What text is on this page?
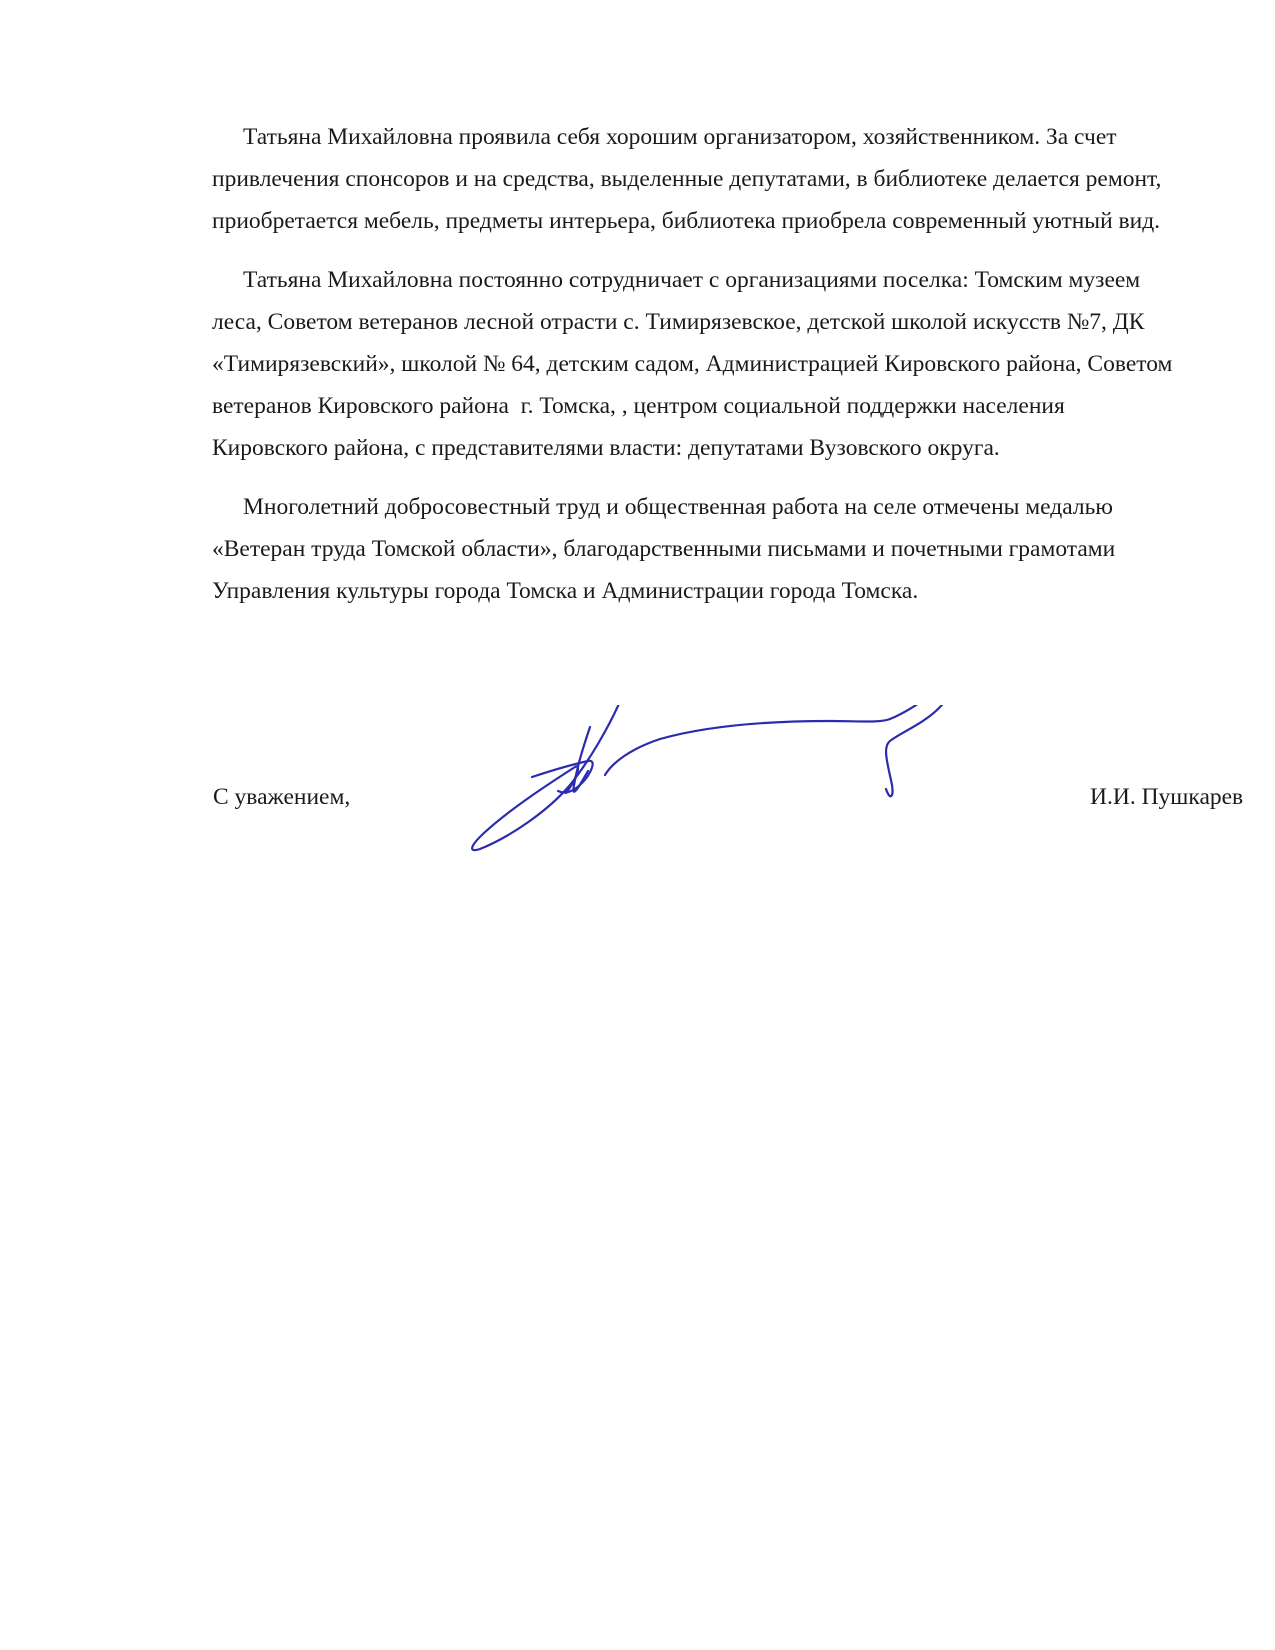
Татьяна Михайловна проявила себя хорошим организатором, хозяйственником. За счет
привлечения спонсоров и на средства, выделенные депутатами, в библиотеке делается ремонт,
приобретается мебель, предметы интерьера, библиотека приобрела современный уютный вид.

Татьяна Михайловна постоянно сотрудничает с организациями поселка: Томским музеем
леса, Советом ветеранов лесной отрасти с. Тимирязевское, детской школой искусств №7, ДК
«Тимирязевский», школой № 64, детским садом, Администрацией Кировского района, Советом
ветеранов Кировского района  г. Томска, , центром социальной поддержки населения
Кировского района, с представителями власти: депутатами Вузовского округа.

Многолетний добросовестный труд и общественная работа на селе отмечены медалью
«Ветеран труда Томской области», благодарственными письмами и почетными грамотами
Управления культуры города Томска и Администрации города Томска.

С уважением,	И.И. Пушкарев
